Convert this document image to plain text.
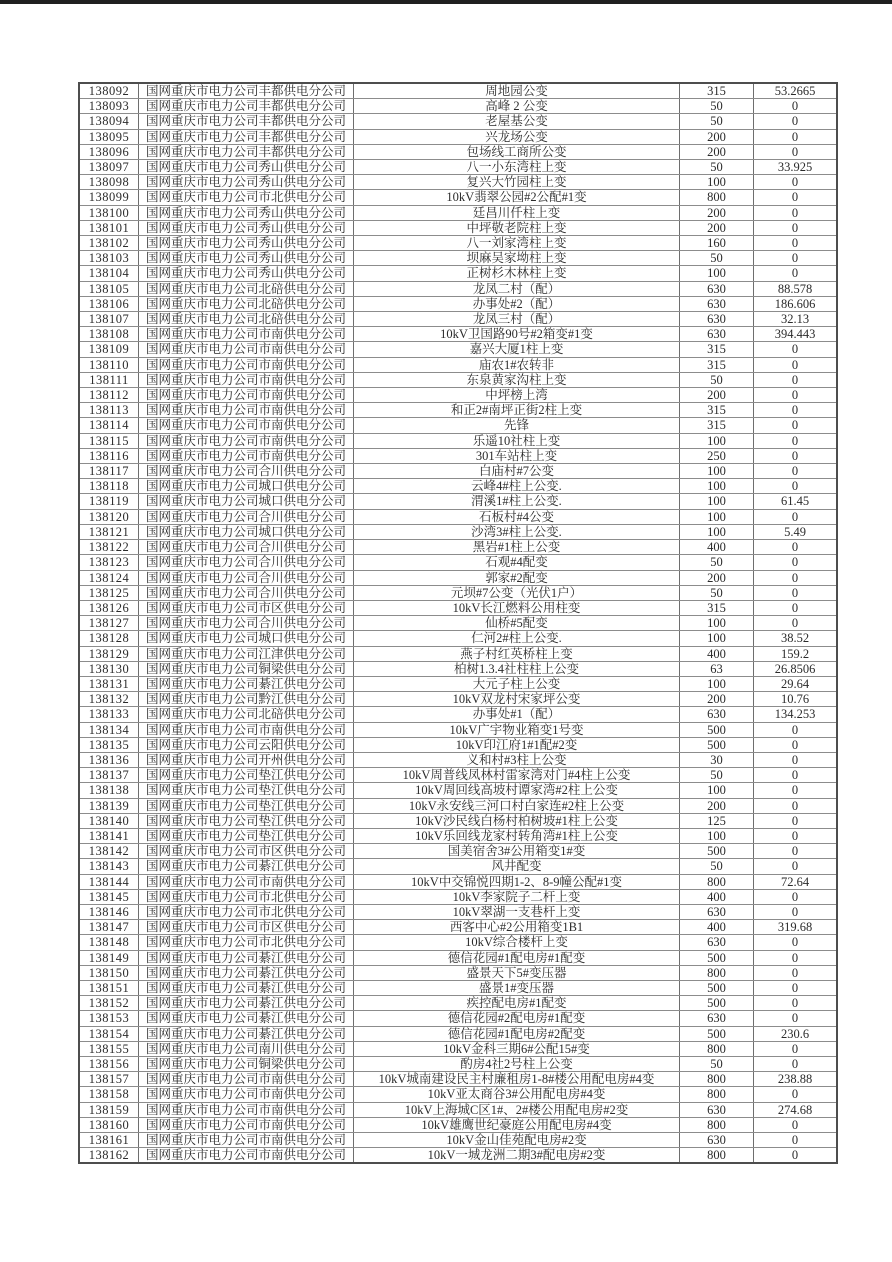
138092	国网重庆市电力公司丰都供电分公司	周地园公变	315	53.2665
138093	国网重庆市电力公司丰都供电分公司	高峰 2 公变	50	0
138094	国网重庆市电力公司丰都供电分公司	老屋基公变	50	0
138095	国网重庆市电力公司丰都供电分公司	兴龙场公变	200	0
138096	国网重庆市电力公司丰都供电分公司	包场线工商所公变	200	0
138097	国网重庆市电力公司秀山供电分公司	八一小东湾柱上变	50	33.925
138098	国网重庆市电力公司秀山供电分公司	复兴大竹园柱上变	100	0
138099	国网重庆市电力公司市北供电分公司	10kV翡翠公园#2公配#1变	800	0
138100	国网重庆市电力公司秀山供电分公司	廷昌川仟柱上变	200	0
138101	国网重庆市电力公司秀山供电分公司	中坪敬老院柱上变	200	0
138102	国网重庆市电力公司秀山供电分公司	八一刘家湾柱上变	160	0
138103	国网重庆市电力公司秀山供电分公司	坝麻吴家坳柱上变	50	0
138104	国网重庆市电力公司秀山供电分公司	正树杉木林柱上变	100	0
138105	国网重庆市电力公司北碚供电分公司	龙凤二村（配）	630	88.578
138106	国网重庆市电力公司北碚供电分公司	办事处#2（配）	630	186.606
138107	国网重庆市电力公司北碚供电分公司	龙凤三村（配）	630	32.13
138108	国网重庆市电力公司市南供电分公司	10kV卫国路90号#2箱变#1变	630	394.443
138109	国网重庆市电力公司市南供电分公司	嘉兴大厦1柱上变	315	0
138110	国网重庆市电力公司市南供电分公司	庙农1#农转非	315	0
138111	国网重庆市电力公司市南供电分公司	东泉黄家沟柱上变	50	0
138112	国网重庆市电力公司市南供电分公司	中坪榜上湾	200	0
138113	国网重庆市电力公司市南供电分公司	和正2#南坪正街2柱上变	315	0
138114	国网重庆市电力公司市南供电分公司	先锋	315	0
138115	国网重庆市电力公司市南供电分公司	乐遥10社柱上变	100	0
138116	国网重庆市电力公司市南供电分公司	301车站柱上变	250	0
138117	国网重庆市电力公司合川供电分公司	白庙村#7公变	100	0
138118	国网重庆市电力公司城口供电分公司	云峰4#柱上公变.	100	0
138119	国网重庆市电力公司城口供电分公司	渭溪1#柱上公变.	100	61.45
138120	国网重庆市电力公司合川供电分公司	石板村#4公变	100	0
138121	国网重庆市电力公司城口供电分公司	沙湾3#柱上公变.	100	5.49
138122	国网重庆市电力公司合川供电分公司	黑岩#1柱上公变	400	0
138123	国网重庆市电力公司合川供电分公司	石观#4配变	50	0
138124	国网重庆市电力公司合川供电分公司	郭家#2配变	200	0
138125	国网重庆市电力公司合川供电分公司	元坝#7公变（光伏1户）	50	0
138126	国网重庆市电力公司市区供电分公司	10kV长江燃料公用柱变	315	0
138127	国网重庆市电力公司合川供电分公司	仙桥#5配变	100	0
138128	国网重庆市电力公司城口供电分公司	仁河2#柱上公变.	100	38.52
138129	国网重庆市电力公司江津供电分公司	燕子村红英桥柱上变	400	159.2
138130	国网重庆市电力公司铜梁供电分公司	柏树1.3.4社柱柱上公变	63	26.8506
138131	国网重庆市电力公司綦江供电分公司	大元子柱上公变	100	29.64
138132	国网重庆市电力公司黔江供电分公司	10kV双龙村宋家坪公变	200	10.76
138133	国网重庆市电力公司北碚供电分公司	办事处#1（配）	630	134.253
138134	国网重庆市电力公司市南供电分公司	10kV广宇物业箱变1号变	500	0
138135	国网重庆市电力公司云阳供电分公司	10kV印江府1#1配#2变	500	0
138136	国网重庆市电力公司开州供电分公司	义和村#3柱上公变	30	0
138137	国网重庆市电力公司垫江供电分公司	10kV周普线凤林村雷家湾对门#4柱上公变	50	0
138138	国网重庆市电力公司垫江供电分公司	10kV周回线高坡村谭家湾#2柱上公变	100	0
138139	国网重庆市电力公司垫江供电分公司	10kV永安线三河口村白家连#2柱上公变	200	0
138140	国网重庆市电力公司垫江供电分公司	10kV沙民线白杨村柏树坡#1柱上公变	125	0
138141	国网重庆市电力公司垫江供电分公司	10kV乐回线龙家村转角湾#1柱上公变	100	0
138142	国网重庆市电力公司市区供电分公司	国美宿舍3#公用箱变1#变	500	0
138143	国网重庆市电力公司綦江供电分公司	风井配变	50	0
138144	国网重庆市电力公司市南供电分公司	10kV中交锦悦四期1-2、8-9幢公配#1变	800	72.64
138145	国网重庆市电力公司市北供电分公司	10kV李家院子二杆上变	400	0
138146	国网重庆市电力公司市北供电分公司	10kV翠湖一支巷杆上变	630	0
138147	国网重庆市电力公司市区供电分公司	西客中心#2公用箱变1B1	400	319.68
138148	国网重庆市电力公司市北供电分公司	10kV综合楼杆上变	630	0
138149	国网重庆市电力公司綦江供电分公司	德信花园#1配电房#1配变	500	0
138150	国网重庆市电力公司綦江供电分公司	盛景天下5#变压器	800	0
138151	国网重庆市电力公司綦江供电分公司	盛景1#变压器	500	0
138152	国网重庆市电力公司綦江供电分公司	疾控配电房#1配变	500	0
138153	国网重庆市电力公司綦江供电分公司	德信花园#2配电房#1配变	630	0
138154	国网重庆市电力公司綦江供电分公司	德信花园#1配电房#2配变	500	230.6
138155	国网重庆市电力公司南川供电分公司	10kV金科三期6#公配15#变	800	0
138156	国网重庆市电力公司铜梁供电分公司	酌房4社2号柱上公变	50	0
138157	国网重庆市电力公司市南供电分公司	10kV城南建设民主村廉租房1-8#楼公用配电房#4变	800	238.88
138158	国网重庆市电力公司市南供电分公司	10kV亚太商谷3#公用配电房#4变	800	0
138159	国网重庆市电力公司市南供电分公司	10kV上海城C区1#、2#楼公用配电房#2变	630	274.68
138160	国网重庆市电力公司市南供电分公司	10kV雄鹰世纪豪庭公用配电房#4变	800	0
138161	国网重庆市电力公司市南供电分公司	10kV金山佳苑配电房#2变	630	0
138162	国网重庆市电力公司市南供电分公司	10kV一城龙洲二期3#配电房#2变	800	0
